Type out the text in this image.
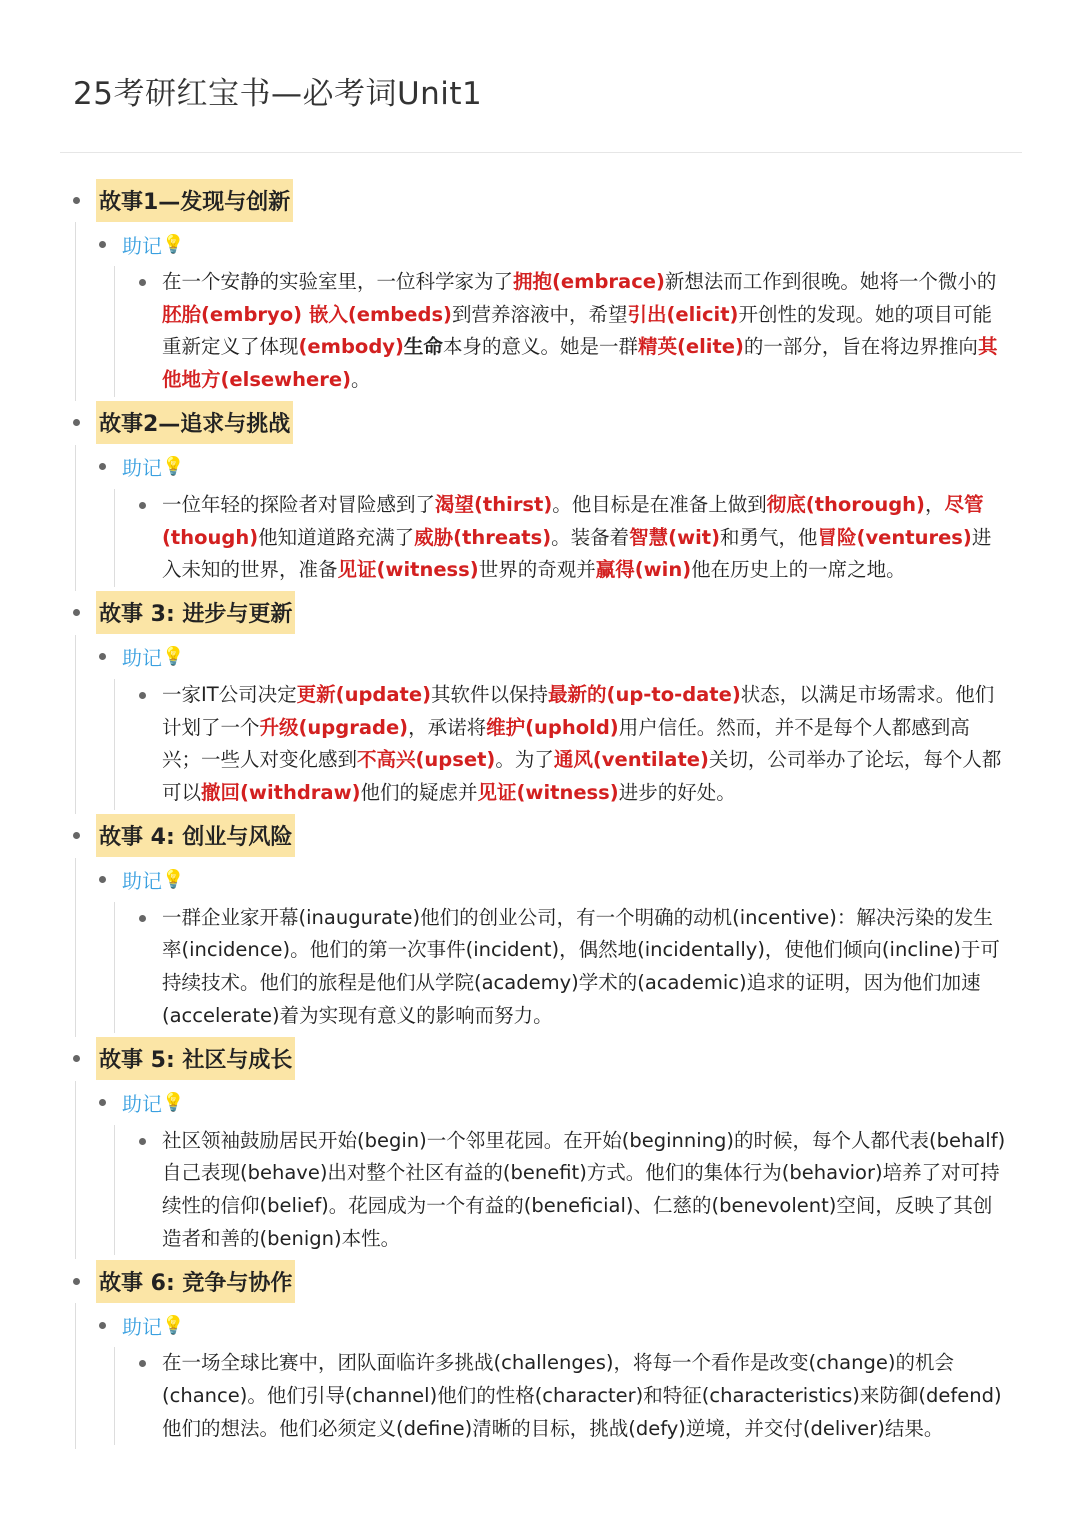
25考研红宝书—必考词Unit1
故事1—发现与创新
助记 💡
在一个安静的实验室里，一位科学家为了拥抱(embrace)新想法而工作到很晚。她将一个微小的胚胎(embryo) 嵌入(embeds)到营养溶液中，希望引出(elicit)开创性的发现。她的项目可能重新定义了体现(embody)生命本身的意义。她是一群精英(elite)的一部分，旨在将边界推向其他地方(elsewhere)。
故事2—追求与挑战
助记 💡
一位年轻的探险者对冒险感到了渴望(thirst)。他目标是在准备上做到彻底(thorough)，尽管(though)他知道道路充满了威胁(threats)。装备着智慧(wit)和勇气，他冒险(ventures)进入未知的世界，准备见证(witness)世界的奇观并赢得(win)他在历史上的一席之地。
故事 3: 进步与更新
助记 💡
一家IT公司决定更新(update)其软件以保持最新的(up-to-date)状态，以满足市场需求。他们计划了一个升级(upgrade)，承诺将维护(uphold)用户信任。然而，并不是每个人都感到高兴；一些人对变化感到不高兴(upset)。为了通风(ventilate)关切，公司举办了论坛，每个人都可以撤回(withdraw)他们的疑虑并见证(witness)进步的好处。
故事 4: 创业与风险
助记 💡
一群企业家开幕(inaugurate)他们的创业公司，有一个明确的动机(incentive)：解决污染的发生率(incidence)。他们的第一次事件(incident)，偶然地(incidentally)，使他们倾向(incline)于可持续技术。他们的旅程是他们从学院(academy)学术的(academic)追求的证明，因为他们加速(accelerate)着为实现有意义的影响而努力。
故事 5: 社区与成长
助记 💡
社区领袖鼓励居民开始(begin)一个邻里花园。在开始(beginning)的时候，每个人都代表(behalf)自己表现(behave)出对整个社区有益的(benefit)方式。他们的集体行为(behavior)培养了对可持续性的信仰(belief)。花园成为一个有益的(beneficial)、仁慈的(benevolent)空间，反映了其创造者和善的(benign)本性。
故事 6: 竞争与协作
助记 💡
在一场全球比赛中，团队面临许多挑战(challenges)，将每一个看作是改变(change)的机会(chance)。他们引导(channel)他们的性格(character)和特征(characteristics)来防御(defend)他们的想法。他们必须定义(define)清晰的目标，挑战(defy)逆境，并交付(deliver)结果。
